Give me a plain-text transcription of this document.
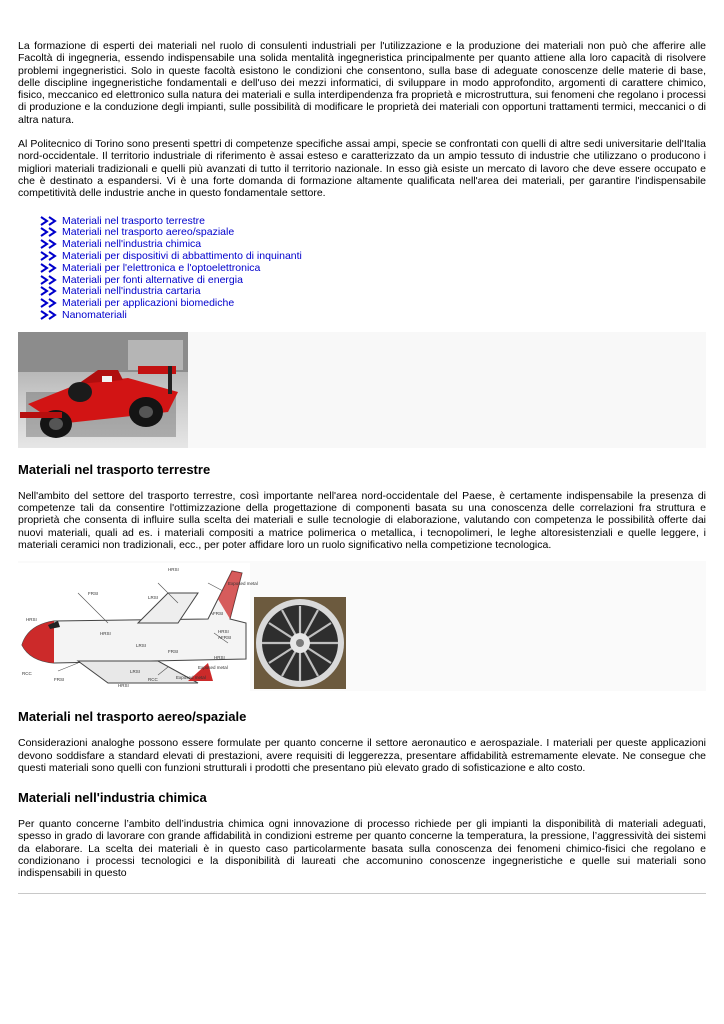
La formazione di esperti dei materiali nel ruolo di consulenti industriali per l'utilizzazione e la produzione dei materiali non può che afferire alle Facoltà di ingegneria, essendo indispensabile una solida mentalità ingegneristica principalmente per quanto attiene alla loro capacità di risolvere problemi ingegneristici. Solo in queste facoltà esistono le condizioni che consentono, sulla base di adeguate conoscenze delle materie di base, delle discipline ingegneristiche fondamentali e dell'uso dei mezzi informatici, di sviluppare in modo approfondito, argomenti di carattere chimico, fisico, meccanico ed elettronico sulla natura dei materiali e sulla interdipendenza fra proprietà e microstruttura, sui fenomeni che regolano i processi di produzione e la conduzione degli impianti, sulle possibilità di modificare le proprietà dei materiali con opportuni trattamenti termici, meccanici o di altra natura.

Al Politecnico di Torino sono presenti spettri di competenze specifiche assai ampi, specie se confrontati con quelli di altre sedi universitarie dell'Italia nord-occidentale. Il territorio industriale di riferimento è assai esteso e caratterizzato da un ampio tessuto di industrie che utilizzano o producono i migliori materiali tradizionali e quelli più avanzati di tutto il territorio nazionale. In esso già esiste un mercato di lavoro che deve essere occupato e che è destinato a espandersi. Vi è una forte domanda di formazione altamente qualificata nell'area dei materiali, per garantire l'indispensabile competitività delle industrie anche in questo fondamentale settore.

Materiali nel trasporto terrestre
Materiali nel trasporto aereo/spaziale
Materiali nell'industria chimica
Materiali per dispositivi di abbattimento di inquinanti
Materiali per l'elettronica e l'optoelettronica
Materiali per fonti alternative di energia
Materiali nell'industria cartaria
Materiali per applicazioni biomediche
Nanomateriali
Materiali nel trasporto terrestre

Nell'ambito del settore del trasporto terrestre, così importante nell'area nord-occidentale del Paese, è certamente indispensabile la presenza di competenze tali da consentire l'ottimizzazione della progettazione di componenti basata su una conoscenza delle correlazioni fra struttura e proprietà che consenta di influire sulla scelta dei materiali e sulle tecnologie di elaborazione, valutando con competenza le possibilità offerte dai nuovi materiali, quali ad es. i materiali compositi a matrice polimerica o metallica, i tecnopolimeri, le leghe altoresistenziali e quelle leggere, i materiali ceramici non tradizionali, ecc., per poter affidare loro un ruolo significativo nella competizione tecnologica.

HRSI
FRSI
LRSI
HRSI
AFRSI
Exposed metal
HRSI
AFRSI
HRSI
FRSI
LRSI
HRSI
RCC
RCC	Exposed metal
FRSI
HRSI
LRSI
Exposed metal
Materiali nel trasporto aereo/spaziale

Considerazioni analoghe possono essere formulate per quanto concerne il settore aeronautico e aerospaziale. I materiali per queste applicazioni devono soddisfare a standard elevati di prestazioni, avere requisiti di leggerezza, presentare affidabilità estremamente elevate. Ne consegue che questi materiali sono quelli con funzioni strutturali i prodotti che presentano più elevato grado di sofisticazione e alto costo.

Materiali nell'industria chimica

Per quanto concerne l’ambito dell’industria chimica ogni innovazione di processo richiede per gli impianti la disponibilità di materiali adeguati, spesso in grado di lavorare con grande affidabilità in condizioni estreme per quanto concerne la temperatura, la pressione, l’aggressività dei sistemi da elaborare. La scelta dei materiali è in questo caso particolarmente basata sulla conoscenza dei fenomeni chimico-fisici che regolano e condizionano i processi tecnologici e la disponibilità di laureati che accomunino conoscenze ingegneristiche e quelle sui materiali sono indispensabili in questo
